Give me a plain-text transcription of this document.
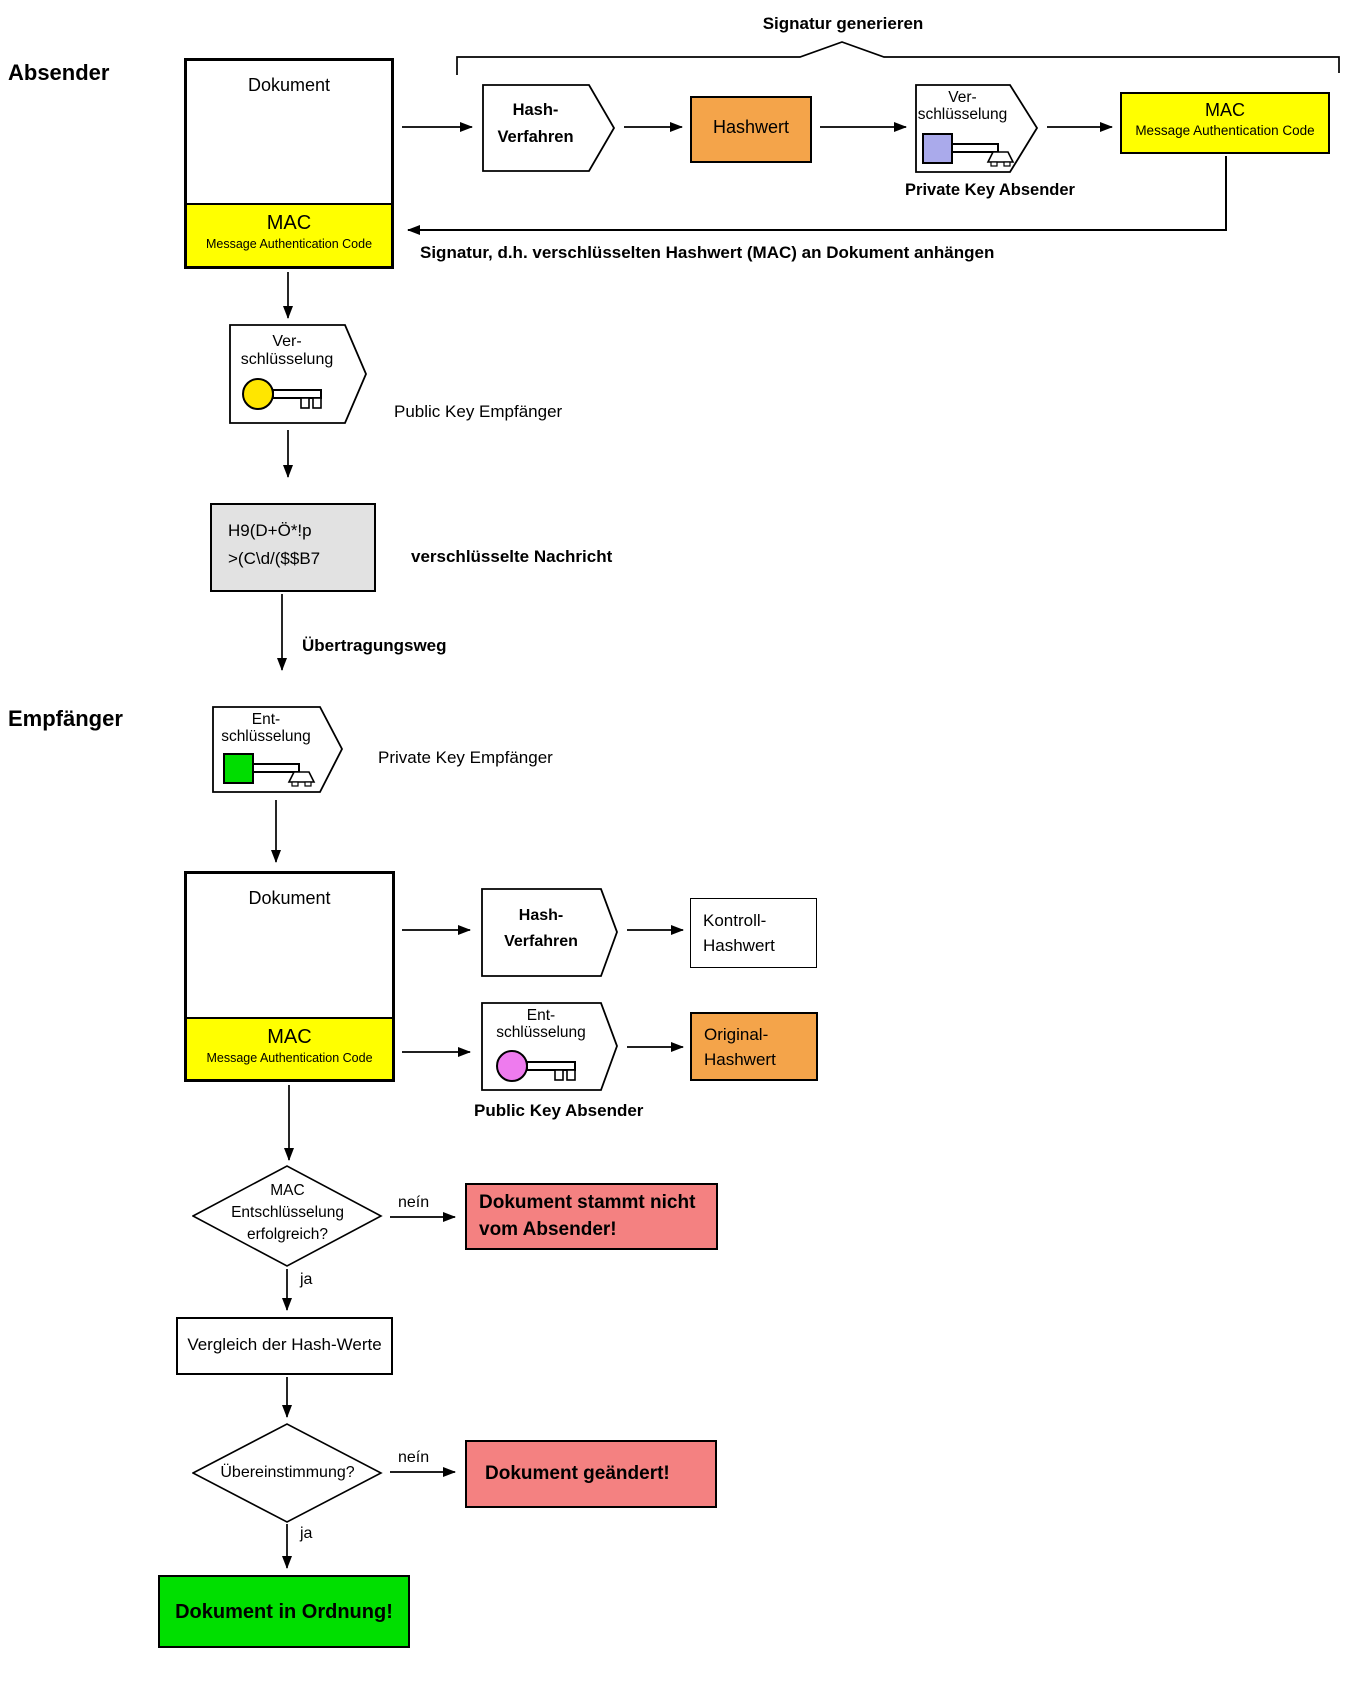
Absender
Empfänger
Signatur generieren
Dokument
MAC
Message Authentication Code
Hash-
Verfahren	Hashwert
Ver-
schlüsselung
Private Key Absender
MAC
Message Authentication Code
Signatur, d.h. verschlüsselten Hashwert (MAC) an Dokument anhängen
Ver-
schlüsselung
Public Key Empfänger
H9(D+Ö*!p
>(C\d/($$B7	verschlüsselte Nachricht
Übertragungsweg
Ent-
schlüsselung
Private Key Empfänger
Dokument
MAC
Message Authentication Code
Hash-
Verfahren
Kontroll-
Hashwert
Ent-
schlüsselung
Public Key Absender
Original-
Hashwert
MAC
Entschlüsselung
erfolgreich?
neín
ja
Dokument stammt nicht
vom Absender!
Vergleich der Hash-Werte
Übereinstimmung?
neín
ja
Dokument geändert!
Dokument in Ordnung!
